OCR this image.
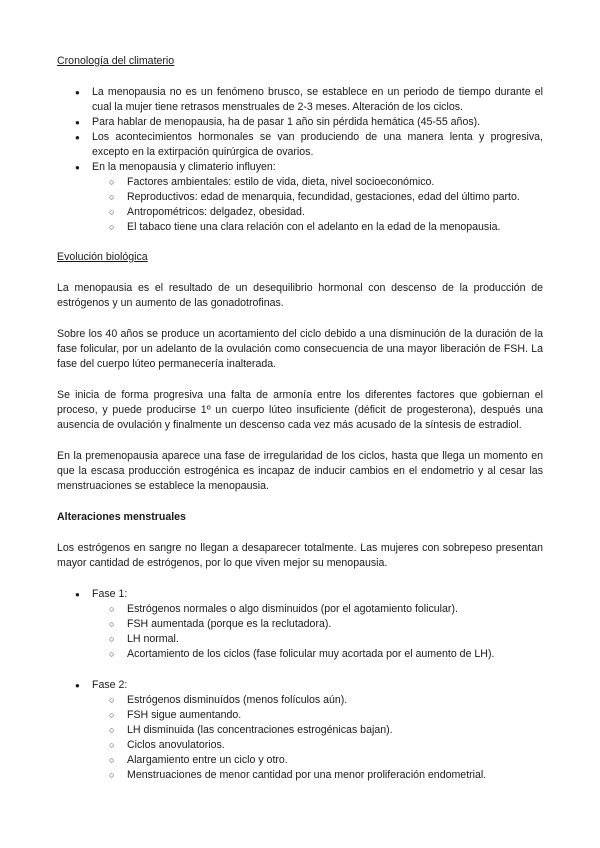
Cronología del climaterio
● La menopausia no es un fenómeno brusco, se establece en un periodo de tiempo durante el cual la mujer tiene retrasos menstruales de 2-3 meses. Alteración de los ciclos.
● Para hablar de menopausia, ha de pasar 1 año sin pérdida hemática (45-55 años).
● Los acontecimientos hormonales se van produciendo de una manera lenta y progresiva, excepto en la extirpación quirúrgica de ovarios.
● En la menopausia y climaterio influyen:
○ Factores ambientales: estilo de vida, dieta, nivel socioeconómico.
○ Reproductivos: edad de menarquia, fecundidad, gestaciones, edad del último parto.
○ Antropométricos: delgadez, obesidad.
○ El tabaco tiene una clara relación con el adelanto en la edad de la menopausia.
Evolución biológica

La menopausia es el resultado de un desequilibrio hormonal con descenso de la producción de estrógenos y un aumento de las gonadotrofinas.

Sobre los 40 años se produce un acortamiento del ciclo debido a una disminución de la duración de la fase folicular, por un adelanto de la ovulación como consecuencia de una mayor liberación de FSH. La fase del cuerpo lúteo permanecería inalterada.

Se inicia de forma progresiva una falta de armonía entre los diferentes factores que gobiernan el proceso, y puede producirse 1º un cuerpo lúteo insuficiente (déficit de progesterona), después una ausencia de ovulación y finalmente un descenso cada vez más acusado de la síntesis de estradiol.

En la premenopausia aparece una fase de irregularidad de los ciclos, hasta que llega un momento en que la escasa producción estrogénica es incapaz de inducir cambios en el endometrio y al cesar las menstruaciones se establece la menopausia.

Alteraciones menstruales

Los estrógenos en sangre no llegan a desaparecer totalmente. Las mujeres con sobrepeso presentan mayor cantidad de estrógenos, por lo que viven mejor su menopausia.

● Fase 1:
○ Estrógenos normales o algo disminuidos (por el agotamiento folicular).
○ FSH aumentada (porque es la reclutadora).
○ LH normal.
○ Acortamiento de los ciclos (fase folicular muy acortada por el aumento de LH).
● Fase 2:
○ Estrógenos disminuídos (menos folículos aún).
○ FSH sigue aumentando.
○ LH disminuida (las concentraciones estrogénicas bajan).
○ Ciclos anovulatorios.
○ Alargamiento entre un ciclo y otro.
○ Menstruaciones de menor cantidad por una menor proliferación endometrial.
